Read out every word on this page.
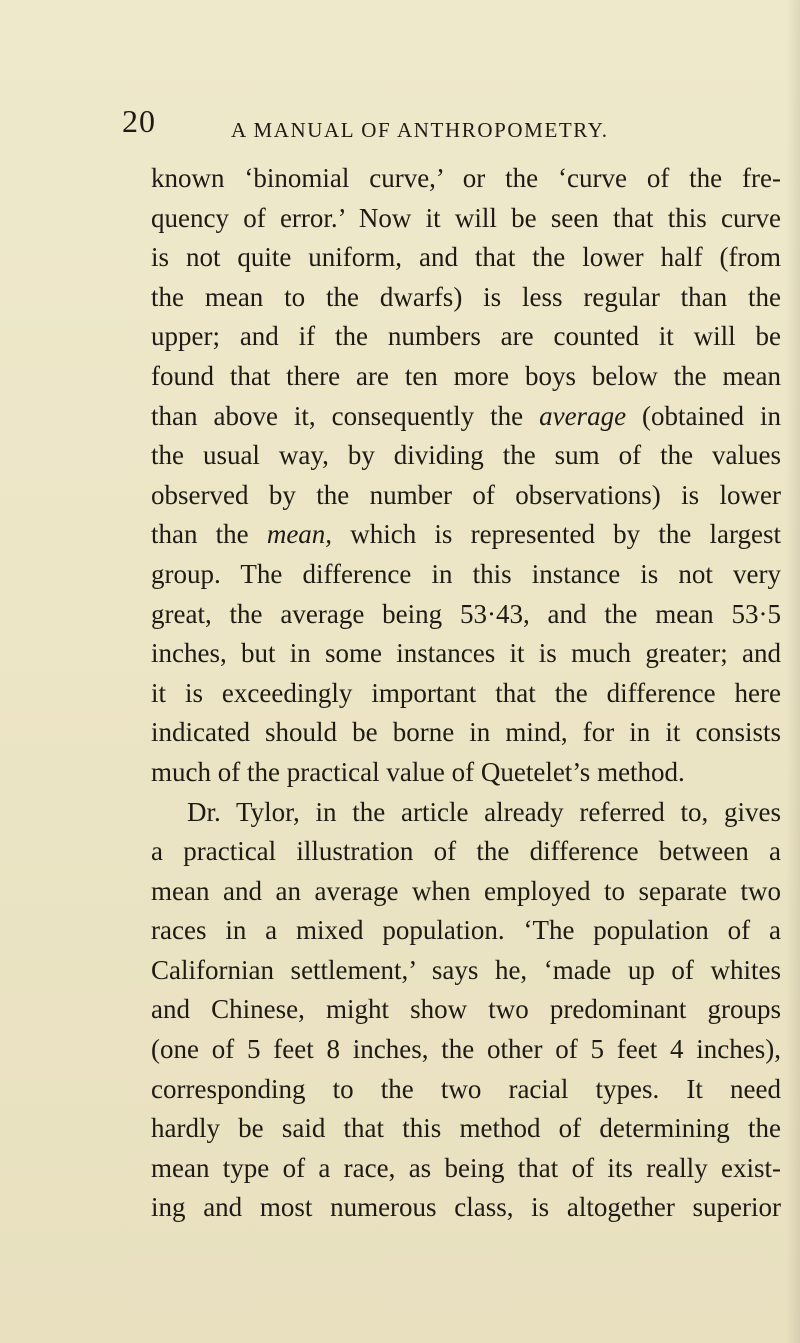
20	A MANUAL OF ANTHROPOMETRY.
known ‘binomial curve,’ or the ‘curve of the fre-
quency of error.’ Now it will be seen that this curve
is not quite uniform, and that the lower half (from
the mean to the dwarfs) is less regular than the
upper; and if the numbers are counted it will be
found that there are ten more boys below the mean
than above it, consequently the average (obtained in
the usual way, by dividing the sum of the values
observed by the number of observations) is lower
than the mean, which is represented by the largest
group. The difference in this instance is not very
great, the average being 53·43, and the mean 53·5
inches, but in some instances it is much greater; and
it is exceedingly important that the difference here
indicated should be borne in mind, for in it consists
much of the practical value of Quetelet’s method.
Dr. Tylor, in the article already referred to, gives
a practical illustration of the difference between a
mean and an average when employed to separate two
races in a mixed population. ‘The population of a
Californian settlement,’ says he, ‘made up of whites
and Chinese, might show two predominant groups
(one of 5 feet 8 inches, the other of 5 feet 4 inches),
corresponding to the two racial types. It need
hardly be said that this method of determining the
mean type of a race, as being that of its really exist-
ing and most numerous class, is altogether superior
